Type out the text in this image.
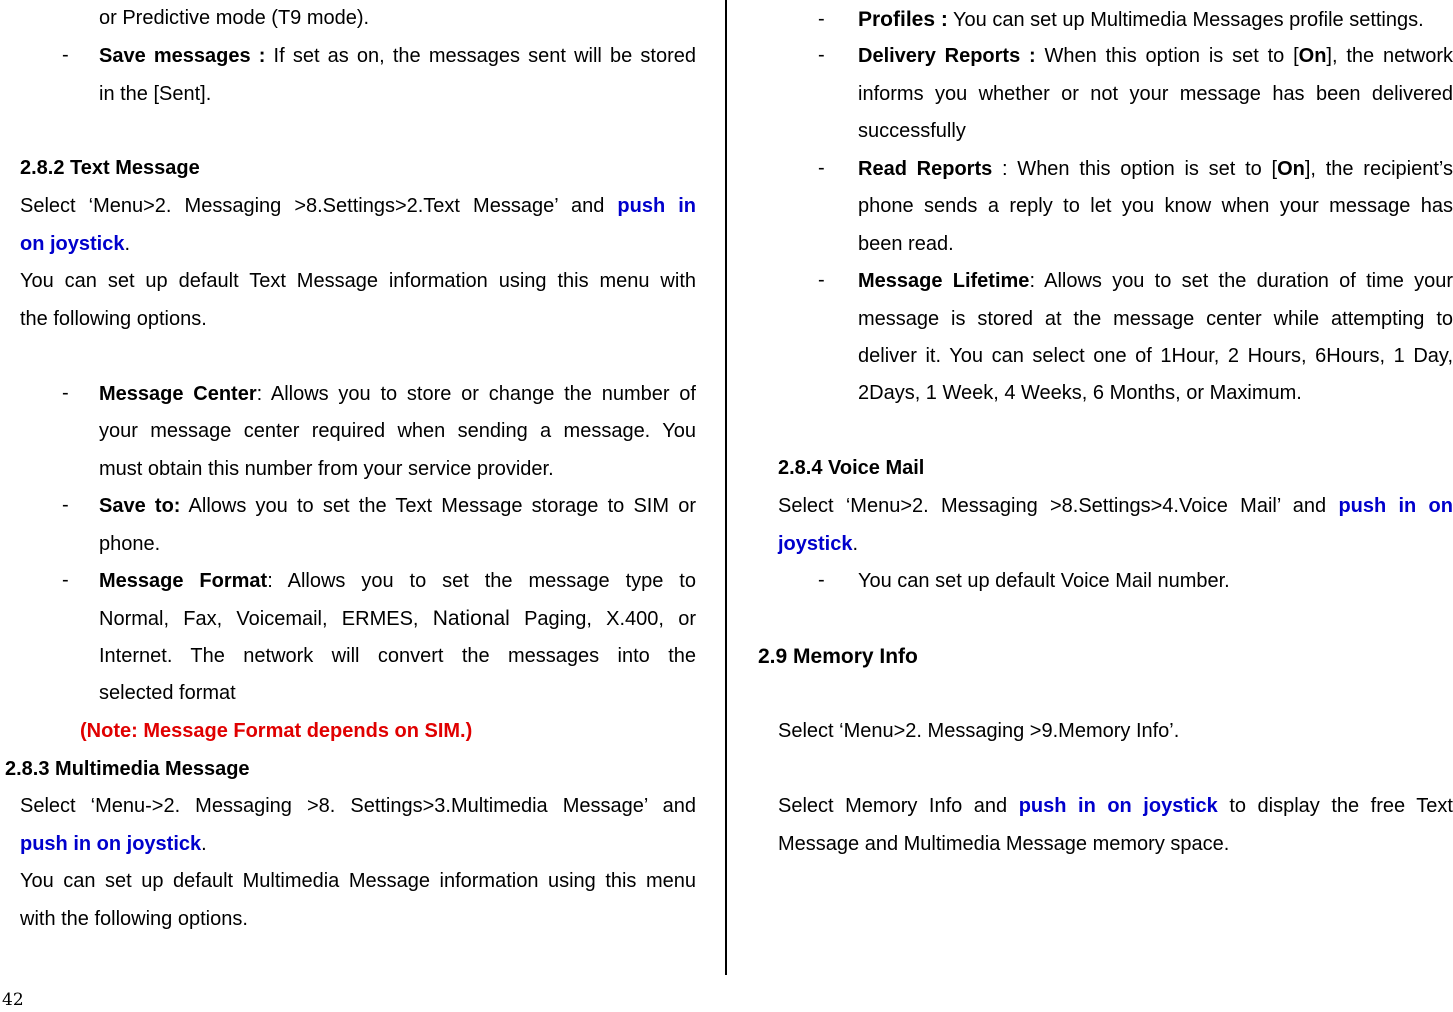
or Predictive mode (T9 mode).
- Save messages : If set as on, the messages sent will be stored
in the [Sent].
2.8.2 Text Message
Select ‘Menu>2. Messaging >8.Settings>2.Text Message’ and push in
on joystick.
You can set up default Text Message information using this menu with
the following options.
- Message Center: Allows you to store or change the number of
your message center required when sending a message. You
must obtain this number from your service provider.
- Save to: Allows you to set the Text Message storage to SIM or
phone.
- Message Format: Allows you to set the message type to
Normal, Fax, Voicemail, ERMES, National Paging, X.400, or
Internet. The network will convert the messages into the
selected format
(Note: Message Format depends on SIM.)
2.8.3 Multimedia Message
Select ‘Menu->2. Messaging >8. Settings>3.Multimedia Message’ and
push in on joystick.
You can set up default Multimedia Message information using this menu
with the following options.
- Profiles : You can set up Multimedia Messages profile settings.
- Delivery Reports : When this option is set to [On], the network
informs you whether or not your message has been delivered
successfully
- Read Reports : When this option is set to [On], the recipient’s
phone sends a reply to let you know when your message has
been read.
- Message Lifetime: Allows you to set the duration of time your
message is stored at the message center while attempting to
deliver it. You can select one of 1Hour, 2 Hours, 6Hours, 1 Day,
2Days, 1 Week, 4 Weeks, 6 Months, or Maximum.
2.8.4 Voice Mail
Select ‘Menu>2. Messaging >8.Settings>4.Voice Mail’ and push in on
joystick.
- You can set up default Voice Mail number.
2.9 Memory Info
Select ‘Menu>2. Messaging >9.Memory Info’.
Select Memory Info and push in on joystick to display the free Text
Message and Multimedia Message memory space.
42
